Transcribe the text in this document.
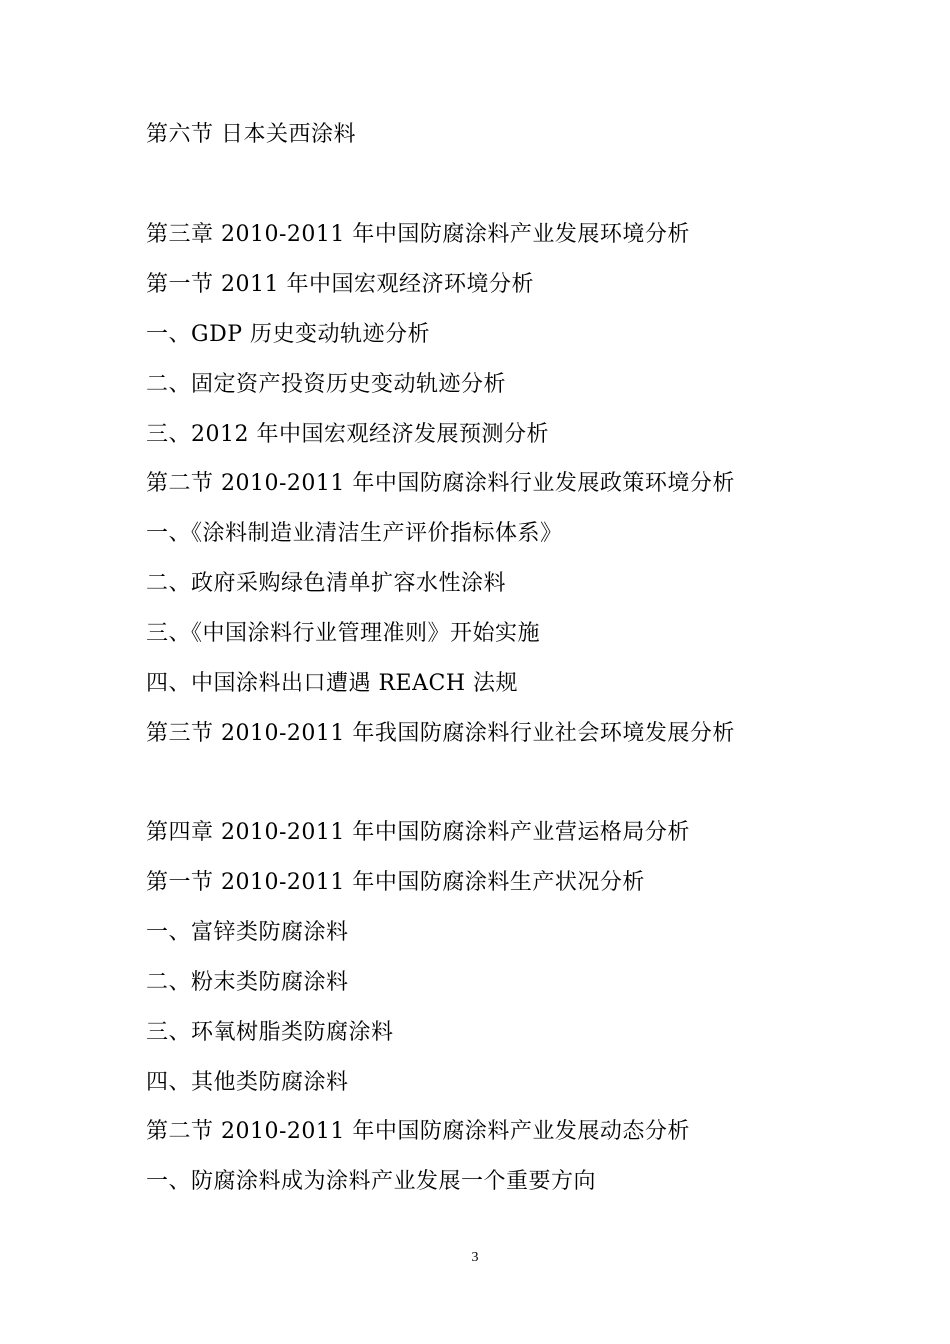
第六节 日本关西涂料
第三章 2010-2011 年中国防腐涂料产业发展环境分析
第一节 2011 年中国宏观经济环境分析
一、GDP 历史变动轨迹分析
二、固定资产投资历史变动轨迹分析
三、2012 年中国宏观经济发展预测分析
第二节 2010-2011 年中国防腐涂料行业发展政策环境分析
一、《涂料制造业清洁生产评价指标体系》
二、政府采购绿色清单扩容水性涂料
三、《中国涂料行业管理准则》开始实施
四、中国涂料出口遭遇 REACH 法规
第三节 2010-2011 年我国防腐涂料行业社会环境发展分析
第四章 2010-2011 年中国防腐涂料产业营运格局分析
第一节 2010-2011 年中国防腐涂料生产状况分析
一、富锌类防腐涂料
二、粉末类防腐涂料
三、环氧树脂类防腐涂料
四、其他类防腐涂料
第二节 2010-2011 年中国防腐涂料产业发展动态分析
一、防腐涂料成为涂料产业发展一个重要方向
3
